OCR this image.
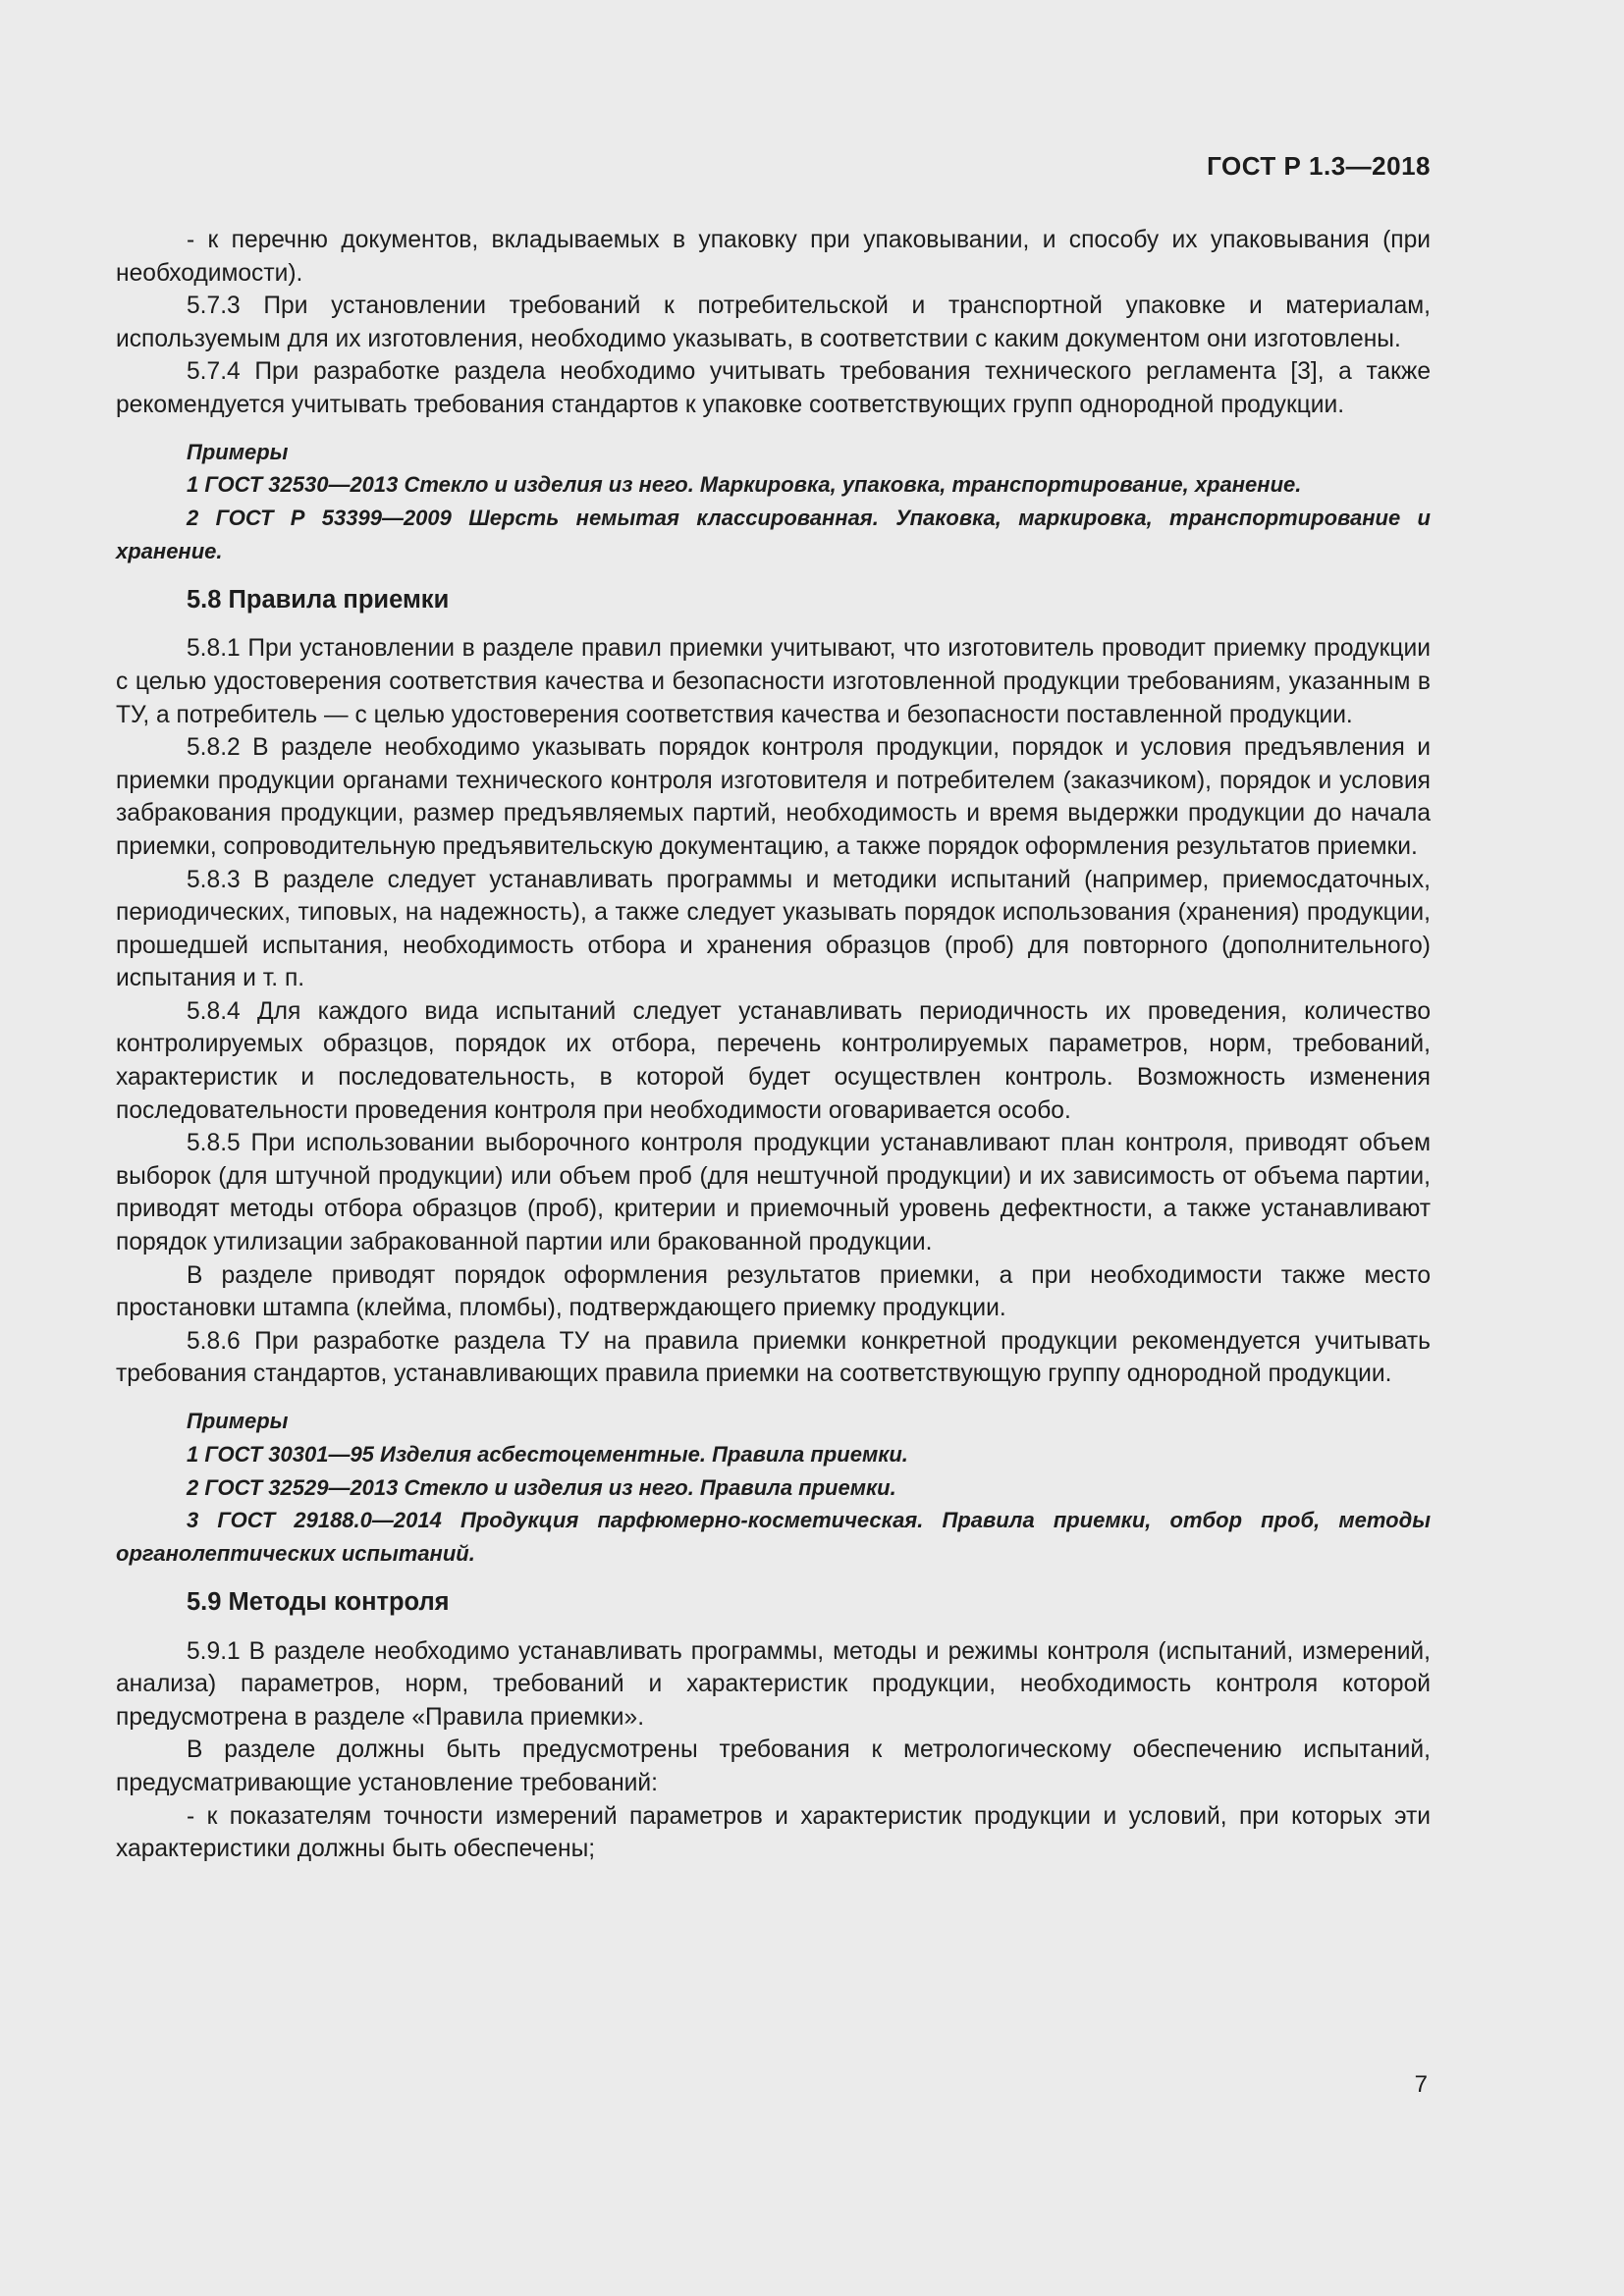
ГОСТ Р 1.3—2018

- к перечню документов, вкладываемых в упаковку при упаковывании, и способу их упаковывания (при необходимости).

5.7.3 При установлении требований к потребительской и транспортной упаковке и материалам, используемым для их изготовления, необходимо указывать, в соответствии с каким документом они изготовлены.

5.7.4 При разработке раздела необходимо учитывать требования технического регламента [3], а также рекомендуется учитывать требования стандартов к упаковке соответствующих групп однородной продукции.

Примеры

1 ГОСТ 32530—2013 Стекло и изделия из него. Маркировка, упаковка, транспортирование, хранение.

2 ГОСТ Р 53399—2009 Шерсть немытая классированная. Упаковка, маркировка, транспортирование и хранение.

5.8 Правила приемки

5.8.1 При установлении в разделе правил приемки учитывают, что изготовитель проводит приемку продукции с целью удостоверения соответствия качества и безопасности изготовленной продукции требованиям, указанным в ТУ, а потребитель — с целью удостоверения соответствия качества и безопасности поставленной продукции.

5.8.2 В разделе необходимо указывать порядок контроля продукции, порядок и условия предъявления и приемки продукции органами технического контроля изготовителя и потребителем (заказчиком), порядок и условия забракования продукции, размер предъявляемых партий, необходимость и время выдержки продукции до начала приемки, сопроводительную предъявительскую документацию, а также порядок оформления результатов приемки.

5.8.3 В разделе следует устанавливать программы и методики испытаний (например, приемосдаточных, периодических, типовых, на надежность), а также следует указывать порядок использования (хранения) продукции, прошедшей испытания, необходимость отбора и хранения образцов (проб) для повторного (дополнительного) испытания и т. п.

5.8.4 Для каждого вида испытаний следует устанавливать периодичность их проведения, количество контролируемых образцов, порядок их отбора, перечень контролируемых параметров, норм, требований, характеристик и последовательность, в которой будет осуществлен контроль. Возможность изменения последовательности проведения контроля при необходимости оговаривается особо.

5.8.5 При использовании выборочного контроля продукции устанавливают план контроля, приводят объем выборок (для штучной продукции) или объем проб (для нештучной продукции) и их зависимость от объема партии, приводят методы отбора образцов (проб), критерии и приемочный уровень дефектности, а также устанавливают порядок утилизации забракованной партии или бракованной продукции.

В разделе приводят порядок оформления результатов приемки, а при необходимости также место простановки штампа (клейма, пломбы), подтверждающего приемку продукции.

5.8.6 При разработке раздела ТУ на правила приемки конкретной продукции рекомендуется учитывать требования стандартов, устанавливающих правила приемки на соответствующую группу однородной продукции.

Примеры

1 ГОСТ 30301—95 Изделия асбестоцементные. Правила приемки.

2 ГОСТ 32529—2013 Стекло и изделия из него. Правила приемки.

3 ГОСТ 29188.0—2014 Продукция парфюмерно-косметическая. Правила приемки, отбор проб, методы органолептических испытаний.

5.9 Методы контроля

5.9.1 В разделе необходимо устанавливать программы, методы и режимы контроля (испытаний, измерений, анализа) параметров, норм, требований и характеристик продукции, необходимость контроля которой предусмотрена в разделе «Правила приемки».

В разделе должны быть предусмотрены требования к метрологическому обеспечению испытаний, предусматривающие установление требований:

- к показателям точности измерений параметров и характеристик продукции и условий, при которых эти характеристики должны быть обеспечены;

7
